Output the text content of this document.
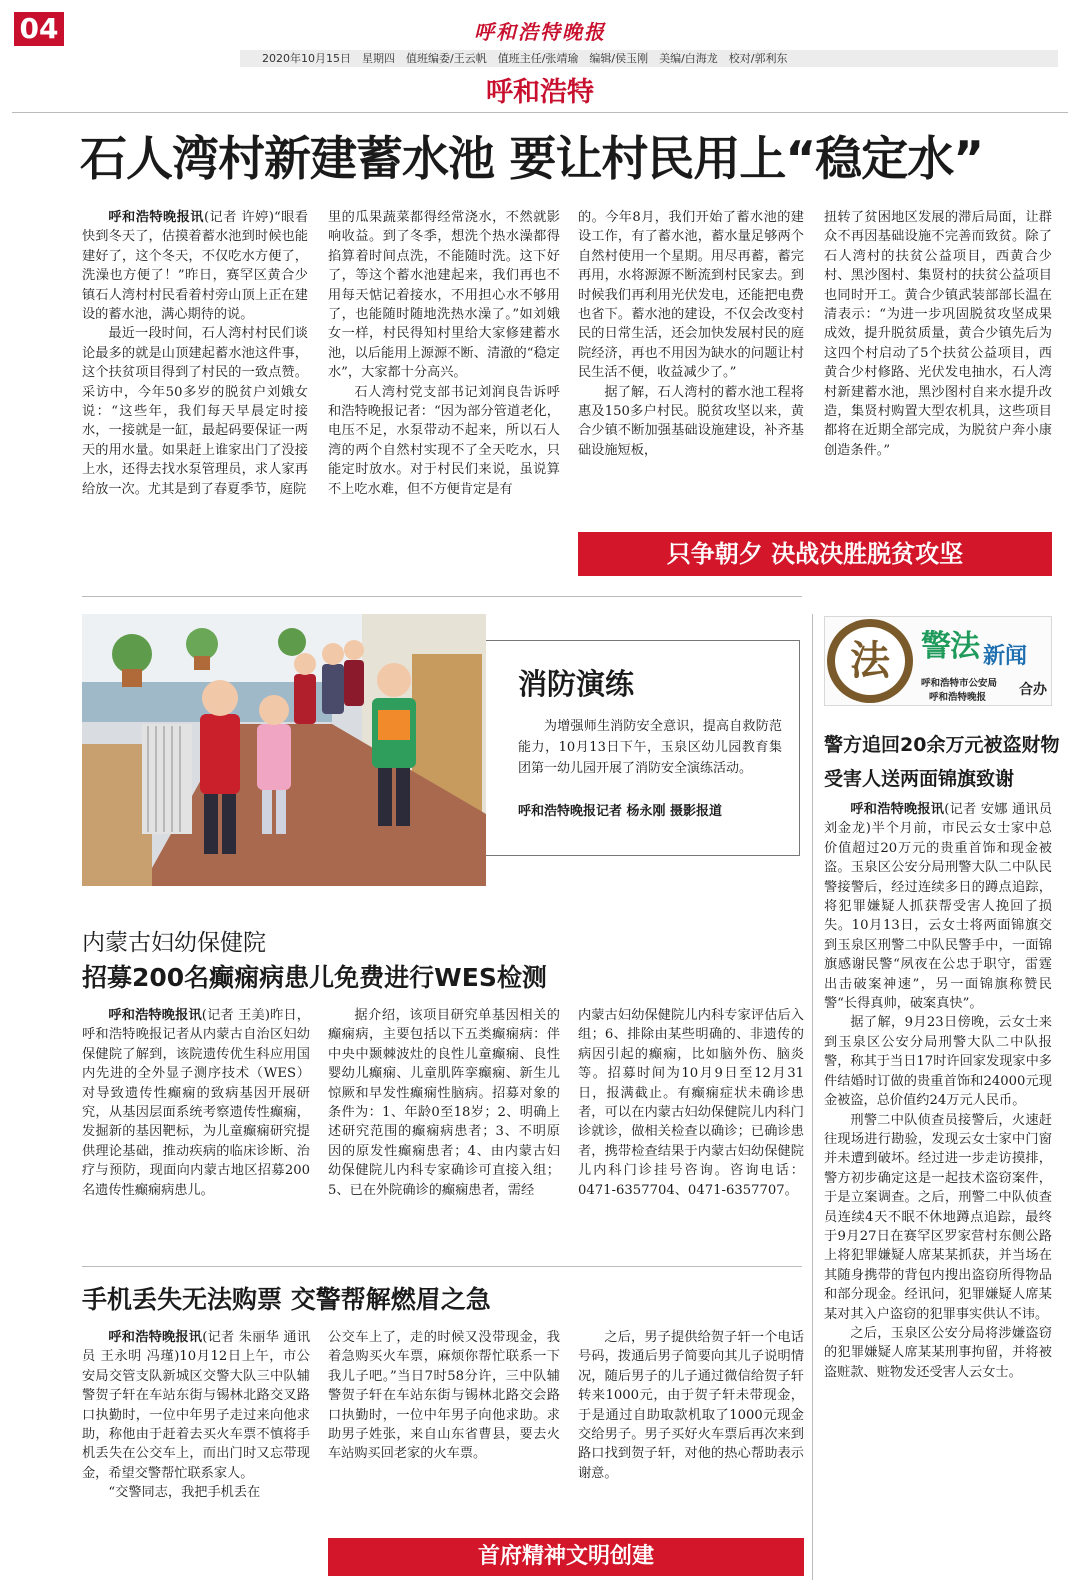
04	呼和浩特晚报
2020年10月15日　星期四　值班编委/王云帆　值班主任/张靖瑜　编辑/侯玉刚　美编/白海龙　校对/郭利东
呼和浩特
石人湾村新建蓄水池 要让村民用上“稳定水”

呼和浩特晚报讯(记者 许婷)“眼看快到冬天了，估摸着蓄水池到时候也能建好了，这个冬天，不仅吃水方便了，洗澡也方便了！”昨日，赛罕区黄合少镇石人湾村村民看着村旁山顶上正在建设的蓄水池，满心期待的说。

最近一段时间，石人湾村村民们谈论最多的就是山顶建起蓄水池这件事，这个扶贫项目得到了村民的一致点赞。采访中，今年50多岁的脱贫户刘娥女说：“这些年，我们每天早晨定时接水，一接就是一缸，最起码要保证一两天的用水量。如果赶上谁家出门了没接上水，还得去找水泵管理员，求人家再给放一次。尤其是到了春夏季节，庭院

里的瓜果蔬菜都得经常浇水，不然就影响收益。到了冬季，想洗个热水澡都得掐算着时间点洗，不能随时洗。这下好了，等这个蓄水池建起来，我们再也不用每天惦记着接水，不用担心水不够用了，也能随时随地洗热水澡了。”如刘娥女一样，村民得知村里给大家修建蓄水池，以后能用上源源不断、清澈的“稳定水”，大家都十分高兴。

石人湾村党支部书记刘润良告诉呼和浩特晚报记者：“因为部分管道老化，电压不足，水泵带动不起来，所以石人湾的两个自然村实现不了全天吃水，只能定时放水。对于村民们来说，虽说算不上吃水难，但不方便肯定是有

的。今年8月，我们开始了蓄水池的建设工作，有了蓄水池，蓄水量足够两个自然村使用一个星期。用尽再蓄，蓄完再用，水将源源不断流到村民家去。到时候我们再利用光伏发电，还能把电费也省下。蓄水池的建设，不仅会改变村民的日常生活，还会加快发展村民的庭院经济，再也不用因为缺水的问题让村民生活不便，收益减少了。”

据了解，石人湾村的蓄水池工程将惠及150多户村民。脱贫攻坚以来，黄合少镇不断加强基础设施建设，补齐基础设施短板，

扭转了贫困地区发展的滞后局面，让群众不再因基础设施不完善而致贫。除了石人湾村的扶贫公益项目，西黄合少村、黑沙图村、集贤村的扶贫公益项目也同时开工。黄合少镇武装部部长温在清表示：“为进一步巩固脱贫攻坚成果成效，提升脱贫质量，黄合少镇先后为这四个村启动了5个扶贫公益项目，西黄合少村修路、光伏发电抽水，石人湾村新建蓄水池，黑沙图村自来水提升改造，集贤村购置大型农机具，这些项目都将在近期全部完成，为脱贫户奔小康创造条件。”

只争朝夕 决战决胜脱贫攻坚
消防演练
为增强师生消防安全意识，提高自救防范能力，10月13日下午，玉泉区幼儿园教育集团第一幼儿园开展了消防安全演练活动。
呼和浩特晚报记者 杨永刚 摄影报道
内蒙古妇幼保健院
招募200名癫痫病患儿免费进行WES检测

呼和浩特晚报讯(记者 王美)昨日，呼和浩特晚报记者从内蒙古自治区妇幼保健院了解到，该院遗传优生科应用国内先进的全外显子测序技术（WES）对导致遗传性癫痫的致病基因开展研究，从基因层面系统考察遗传性癫痫，发掘新的基因靶标，为儿童癫痫研究提供理论基础，推动疾病的临床诊断、治疗与预防，现面向内蒙古地区招募200名遗传性癫痫病患儿。

据介绍，该项目研究单基因相关的癫痫病，主要包括以下五类癫痫病：伴中央中颞棘波灶的良性儿童癫痫、良性婴幼儿癫痫、儿童肌阵挛癫痫、新生儿惊厥和早发性癫痫性脑病。招募对象的条件为：1、年龄0至18岁；2、明确上述研究范围的癫痫病患者；3、不明原因的原发性癫痫患者；4、由内蒙古妇幼保健院儿内科专家确诊可直接入组；5、已在外院确诊的癫痫患者，需经

内蒙古妇幼保健院儿内科专家评估后入组；6、排除由某些明确的、非遗传的病因引起的癫痫，比如脑外伤、脑炎等。招募时间为10月9日至12月31日，报满截止。有癫痫症状未确诊患者，可以在内蒙古妇幼保健院儿内科门诊就诊，做相关检查以确诊；已确诊患者，携带检查结果于内蒙古妇幼保健院儿内科门诊挂号咨询。咨询电话：0471-6357704、0471-6357707。

手机丢失无法购票 交警帮解燃眉之急

呼和浩特晚报讯(记者 朱丽华 通讯员 王永明 冯瑾)10月12日上午，市公安局交管支队新城区交警大队三中队辅警贺子轩在车站东街与锡林北路交叉路口执勤时，一位中年男子走过来向他求助，称他由于赶着去买火车票不慎将手机丢失在公交车上，而出门时又忘带现金，希望交警帮忙联系家人。

“交警同志，我把手机丢在

公交车上了，走的时候又没带现金，我着急购买火车票，麻烦你帮忙联系一下我儿子吧。”当日7时58分许，三中队辅警贺子轩在车站东街与锡林北路交会路口执勤时，一位中年男子向他求助。求助男子姓张，来自山东省曹县，要去火车站购买回老家的火车票。

之后，男子提供给贺子轩一个电话号码，拨通后男子简要向其儿子说明情况，随后男子的儿子通过微信给贺子轩转来1000元，由于贺子轩未带现金，于是通过自助取款机取了1000元现金交给男子。男子买好火车票后再次来到路口找到贺子轩，对他的热心帮助表示谢意。

首府精神文明创建
法	警法 新闻
呼和浩特市公安局
呼和浩特晚报 合办
警方追回20余万元被盗财物
受害人送两面锦旗致谢

呼和浩特晚报讯(记者 安娜 通讯员 刘金龙)半个月前，市民云女士家中总价值超过20万元的贵重首饰和现金被盗。玉泉区公安分局刑警大队二中队民警接警后，经过连续多日的蹲点追踪，将犯罪嫌疑人抓获帮受害人挽回了损失。10月13日，云女士将两面锦旗交到玉泉区刑警二中队民警手中，一面锦旗感谢民警“夙夜在公忠于职守，雷霆出击破案神速”，另一面锦旗称赞民警“长得真帅，破案真快”。

据了解，9月23日傍晚，云女士来到玉泉区公安分局刑警大队二中队报警，称其于当日17时许回家发现家中多件结婚时订做的贵重首饰和24000元现金被盗，总价值约24万元人民币。

刑警二中队侦查员接警后，火速赶往现场进行勘验，发现云女士家中门窗并未遭到破坏。经过进一步走访摸排，警方初步确定这是一起技术盗窃案件，于是立案调查。之后，刑警二中队侦查员连续4天不眠不休地蹲点追踪，最终于9月27日在赛罕区罗家营村东侧公路上将犯罪嫌疑人席某某抓获，并当场在其随身携带的背包内搜出盗窃所得物品和部分现金。经讯问，犯罪嫌疑人席某某对其入户盗窃的犯罪事实供认不讳。

之后，玉泉区公安分局将涉嫌盗窃的犯罪嫌疑人席某某刑事拘留，并将被盗赃款、赃物发还受害人云女士。
